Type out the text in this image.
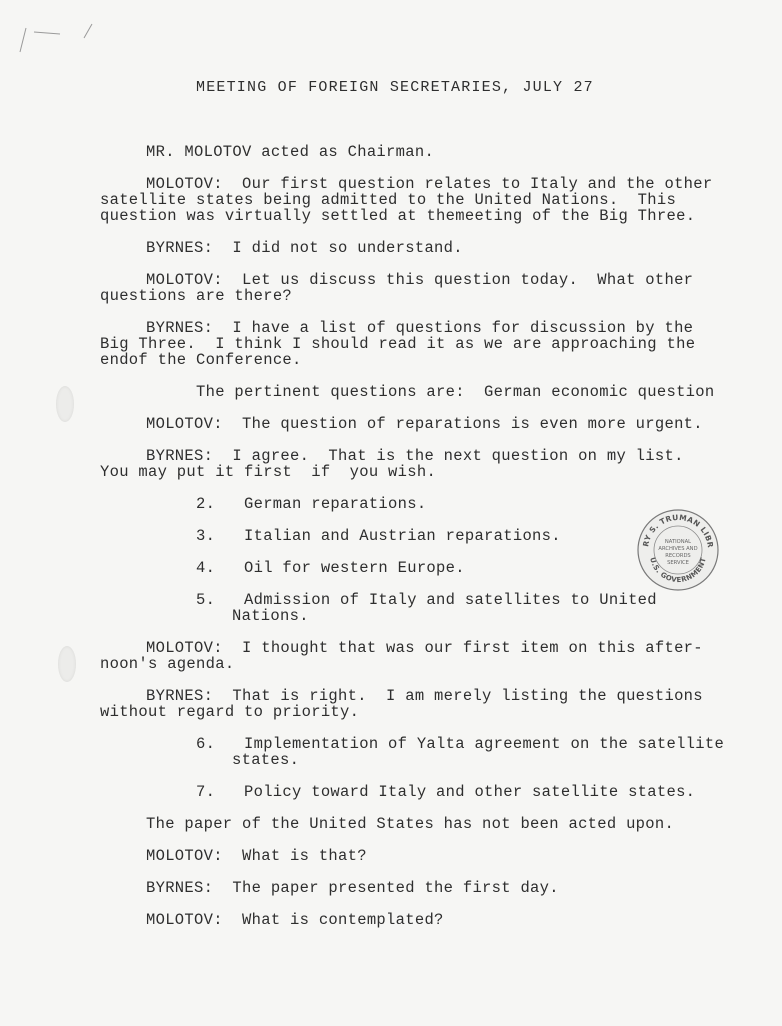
MEETING OF FOREIGN SECRETARIES, JULY 27
MR. MOLOTOV acted as Chairman.
MOLOTOV:  Our first question relates to Italy and the other
satellite states being admitted to the United Nations.  This
question was virtually settled at themeeting of the Big Three.
BYRNES:  I did not so understand.
MOLOTOV:  Let us discuss this question today.  What other
questions are there?
BYRNES:  I have a list of questions for discussion by the
Big Three.  I think I should read it as we are approaching the
endof the Conference.
The pertinent questions are:  German economic question
MOLOTOV:  The question of reparations is even more urgent.
BYRNES:  I agree.  That is the next question on my list.
You may put it first  if  you wish.
2.   German reparations.
3.   Italian and Austrian reparations.
4.   Oil for western Europe.
5.   Admission of Italy and satellites to United
Nations.
MOLOTOV:  I thought that was our first item on this after-
noon's agenda.
BYRNES:  That is right.  I am merely listing the questions
without regard to priority.
6.   Implementation of Yalta agreement on the satellite
states.
7.   Policy toward Italy and other satellite states.
The paper of the United States has not been acted upon.
MOLOTOV:  What is that?
BYRNES:  The paper presented the first day.
MOLOTOV:  What is contemplated?
RY S. TRUMAN LIBR
U.S. GOVERNMENT
NATIONAL
ARCHIVES AND
RECORDS
SERVICE
